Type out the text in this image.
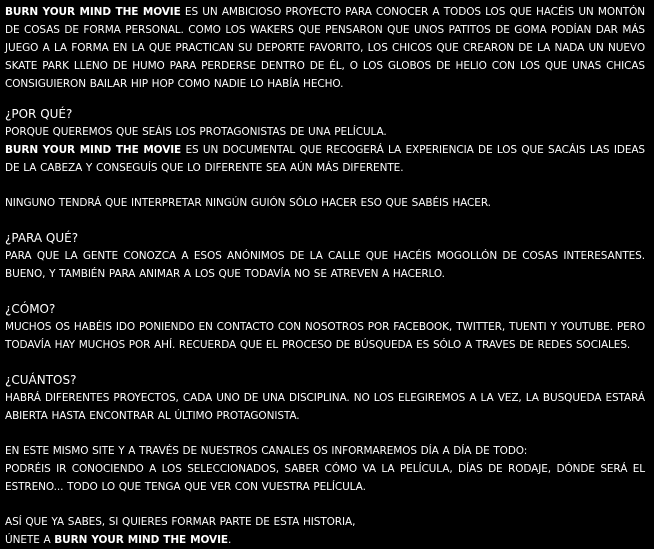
BURN YOUR MIND THE MOVIE ES UN AMBICIOSO PROYECTO PARA CONOCER A TODOS LOS QUE HACÉIS UN MONTÓN DE COSAS DE FORMA PERSONAL. COMO LOS WAKERS QUE PENSARON QUE UNOS PATITOS DE GOMA PODÍAN DAR MÁS JUEGO A LA FORMA EN LA QUE PRACTICAN SU DEPORTE FAVORITO, LOS CHICOS QUE CREARON DE LA NADA UN NUEVO SKATE PARK LLENO DE HUMO PARA PERDERSE DENTRO DE ÉL, O LOS GLOBOS DE HELIO CON LOS QUE UNAS CHICAS CONSIGUIERON BAILAR HIP HOP COMO NADIE LO HABÍA HECHO.

¿POR QUÉ?

PORQUE QUEREMOS QUE SEÁIS LOS PROTAGONISTAS DE UNA PELÍCULA.

BURN YOUR MIND THE MOVIE ES UN DOCUMENTAL QUE RECOGERÁ LA EXPERIENCIA DE LOS QUE SACÁIS LAS IDEAS DE LA CABEZA Y CONSEGUÍS QUE LO DIFERENTE SEA AÚN MÁS DIFERENTE.

NINGUNO TENDRÁ QUE INTERPRETAR NINGÚN GUIÓN SÓLO HACER ESO QUE SABÉIS HACER.

¿PARA QUÉ?

PARA QUE LA GENTE CONOZCA A ESOS ANÓNIMOS DE LA CALLE QUE HACÉIS MOGOLLÓN DE COSAS INTERESANTES. BUENO, Y TAMBIÉN PARA ANIMAR A LOS QUE TODAVÍA NO SE ATREVEN A HACERLO.

¿CÓMO?

MUCHOS OS HABÉIS IDO PONIENDO EN CONTACTO CON NOSOTROS POR FACEBOOK, TWITTER, TUENTI Y YOUTUBE. PERO TODAVÍA HAY MUCHOS POR AHÍ. RECUERDA QUE EL PROCESO DE BÚSQUEDA ES SÓLO A TRAVES DE REDES SOCIALES.

¿CUÁNTOS?

HABRÁ DIFERENTES PROYECTOS, CADA UNO DE UNA DISCIPLINA. NO LOS ELEGIREMOS A LA VEZ, LA BUSQUEDA ESTARÁ ABIERTA HASTA ENCONTRAR AL ÚLTIMO PROTAGONISTA.

EN ESTE MISMO SITE Y A TRAVÉS DE NUESTROS CANALES OS INFORMAREMOS DÍA A DÍA DE TODO:

PODRÉIS IR CONOCIENDO A LOS SELECCIONADOS, SABER CÓMO VA LA PELÍCULA, DÍAS DE RODAJE, DÓNDE SERÁ EL ESTRENO... TODO LO QUE TENGA QUE VER CON VUESTRA PELÍCULA.

ASÍ QUE YA SABES, SI QUIERES FORMAR PARTE DE ESTA HISTORIA,

ÚNETE A BURN YOUR MIND THE MOVIE.
